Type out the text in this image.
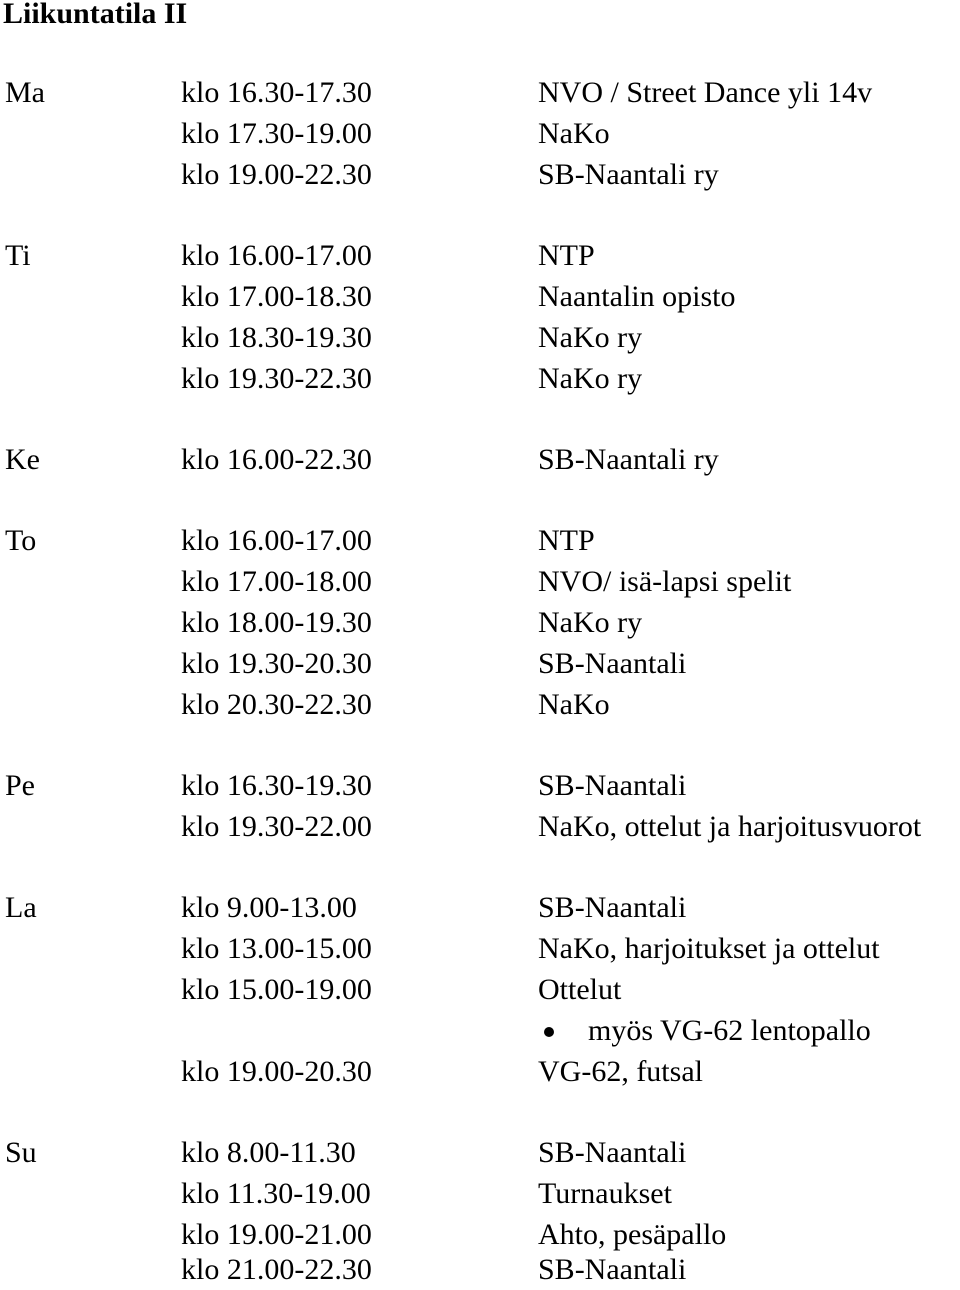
Liikuntatila II
Ma	klo 16.30-17.30	NVO / Street Dance yli 14v
klo 17.30-19.00	NaKo
klo 19.00-22.30	SB-Naantali ry
Ti	klo 16.00-17.00	NTP
klo 17.00-18.30	Naantalin opisto
klo 18.30-19.30	NaKo ry
klo 19.30-22.30	NaKo ry
Ke	klo 16.00-22.30	SB-Naantali ry
To	klo 16.00-17.00	NTP
klo 17.00-18.00	NVO/ isä-lapsi spelit
klo 18.00-19.30	NaKo ry
klo 19.30-20.30	SB-Naantali
klo 20.30-22.30	NaKo
Pe	klo 16.30-19.30	SB-Naantali
klo 19.30-22.00	NaKo, ottelut ja harjoitusvuorot
La	klo 9.00-13.00	SB-Naantali
klo 13.00-15.00	NaKo, harjoitukset ja ottelut
klo 15.00-19.00	Ottelut
myös VG-62 lentopallo
klo 19.00-20.30	VG-62, futsal
Su	klo 8.00-11.30	SB-Naantali
klo 11.30-19.00	Turnaukset
klo 19.00-21.00	Ahto, pesäpallo
klo 21.00-22.30	SB-Naantali
